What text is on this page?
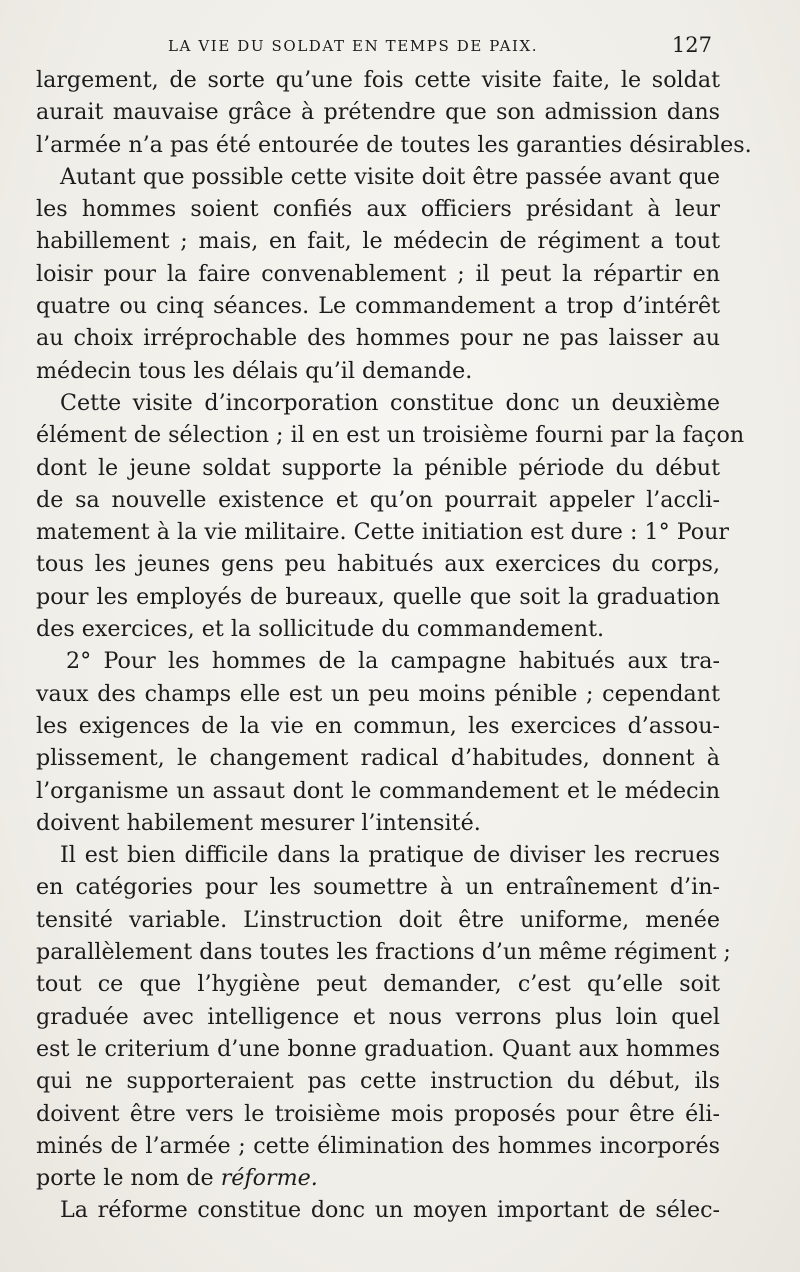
LA VIE DU SOLDAT EN TEMPS DE PAIX.	127
largement, de sorte qu’une fois cette visite faite, le soldat
aurait mauvaise grâce à prétendre que son admission dans
l’armée n’a pas été entourée de toutes les garanties désirables.
Autant que possible cette visite doit être passée avant que
les hommes soient confiés aux officiers présidant à leur
habillement ; mais, en fait, le médecin de régiment a tout
loisir pour la faire convenablement ; il peut la répartir en
quatre ou cinq séances. Le commandement a trop d’intérêt
au choix irréprochable des hommes pour ne pas laisser au
médecin tous les délais qu’il demande.
Cette visite d’incorporation constitue donc un deuxième
élément de sélection ; il en est un troisième fourni par la façon
dont le jeune soldat supporte la pénible période du début
de sa nouvelle existence et qu’on pourrait appeler l’accli-
matement à la vie militaire. Cette initiation est dure : 1° Pour
tous les jeunes gens peu habitués aux exercices du corps,
pour les employés de bureaux, quelle que soit la graduation
des exercices, et la sollicitude du commandement.
2° Pour les hommes de la campagne habitués aux tra-
vaux des champs elle est un peu moins pénible ; cependant
les exigences de la vie en commun, les exercices d’assou-
plissement, le changement radical d’habitudes, donnent à
l’organisme un assaut dont le commandement et le médecin
doivent habilement mesurer l’intensité.
Il est bien difficile dans la pratique de diviser les recrues
en catégories pour les soumettre à un entraînement d’in-
tensité variable. L’instruction doit être uniforme, menée
parallèlement dans toutes les fractions d’un même régiment ;
tout ce que l’hygiène peut demander, c’est qu’elle soit
graduée avec intelligence et nous verrons plus loin quel
est le criterium d’une bonne graduation. Quant aux hommes
qui ne supporteraient pas cette instruction du début, ils
doivent être vers le troisième mois proposés pour être éli-
minés de l’armée ; cette élimination des hommes incorporés
porte le nom de réforme.
La réforme constitue donc un moyen important de sélec-
